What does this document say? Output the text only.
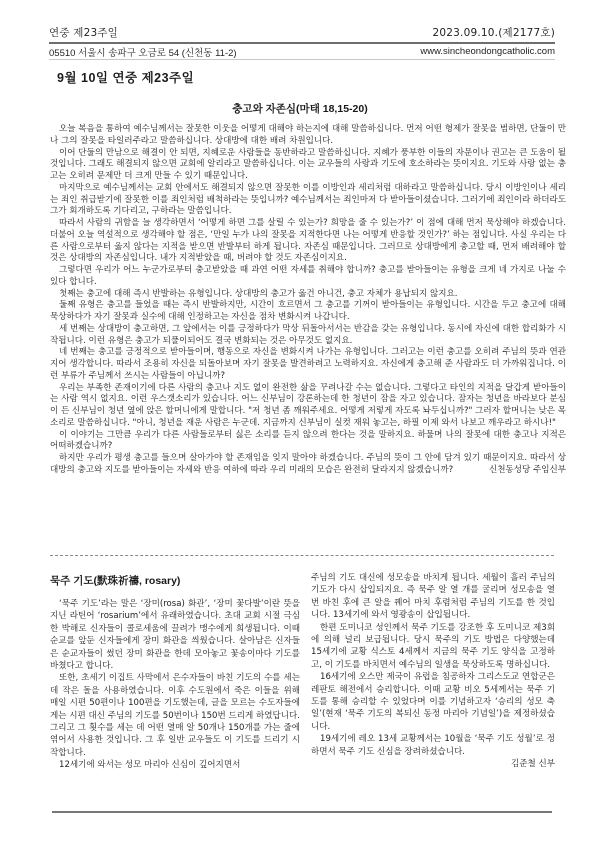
연중 제23주일	2023.09.10.(제2177호)
05510 서울시 송파구 오금로 54 (신천동 11-2)	www.sincheondongcatholic.com
9월 10일 연중 제23주일
충고와 자존심(마태 18,15-20)

오늘 복음을 통하여 예수님께서는 잘못한 이웃을 어떻게 대해야 하는지에 대해 말씀하십니다. 먼저 어떤 형제가 잘못을 범하면, 단둘이 만나 그의 잘못을 타일러주라고 말씀하십니다. 상대방에 대한 배려 차원입니다.

이어 단둘의 만남으로 해결이 안 되면, 지혜로운 사람들을 동반하라고 말씀하십니다. 지혜가 풍부한 이들의 자문이나 권고는 큰 도움이 될 것입니다. 그래도 해결되지 않으면 교회에 알리라고 말씀하십니다. 이는 교우들의 사랑과 기도에 호소하라는 뜻이지요. 기도와 사랑 없는 충고는 오히려 문제만 더 크게 만들 수 있기 때문입니다.

마지막으로 예수님께서는 교회 안에서도 해결되지 않으면 잘못한 이를 이방인과 세리처럼 대하라고 말씀하십니다. 당시 이방인이나 세리는 죄인 취급받기에 잘못한 이를 죄인처럼 배척하라는 뜻입니까? 예수님께서는 죄인마저 다 받아들이셨습니다. 그러기에 죄인이라 하더라도 그가 회개하도록 기다리고, 구하라는 말씀입니다.

따라서 사람의 귀함을 늘 생각하면서 ‘어떻게 하면 그를 살릴 수 있는가? 희망을 줄 수 있는가?’ 이 점에 대해 먼저 묵상해야 하겠습니다. 더불어 오늘 역설적으로 생각해야 할 점은, ‘만일 누가 나의 잘못을 지적한다면 나는 어떻게 반응할 것인가?’ 하는 점입니다. 사실 우리는 다른 사람으로부터 옳지 않다는 지적을 받으면 반발부터 하게 됩니다. 자존심 때문입니다. 그러므로 상대방에게 충고할 때, 먼저 배려해야 할 것은 상대방의 자존심입니다. 내가 지적받았을 때, 버려야 할 것도 자존심이지요.

그렇다면 우리가 어느 누군가로부터 충고받았을 때 과연 어떤 자세를 취해야 합니까? 충고를 받아들이는 유형을 크게 네 가지로 나눌 수 있다 합니다.

첫째는 충고에 대해 즉시 반발하는 유형입니다. 상대방의 충고가 옳건 아니건, 충고 자체가 용납되지 않지요.

둘째 유형은 충고를 들었을 때는 즉시 반발하지만, 시간이 흐르면서 그 충고를 기꺼이 받아들이는 유형입니다. 시간을 두고 충고에 대해 묵상하다가 자기 잘못과 실수에 대해 인정하고는 자신을 점차 변화시켜 나갑니다.

세 번째는 상대방이 충고하면, 그 앞에서는 이를 긍정하다가 막상 뒤돌아서서는 반감을 갖는 유형입니다. 동시에 자신에 대한 합리화가 시작됩니다. 이런 유형은 충고가 되풀이되어도 결국 변화되는 것은 아무것도 없지요.

네 번째는 충고를 긍정적으로 받아들이며, 행동으로 자신을 변화시켜 나가는 유형입니다. 그러고는 이런 충고를 오히려 주님의 뜻과 연관 지어 생각합니다. 따라서 조용히 자신을 되돌아보며 자기 잘못을 발견하려고 노력하지요. 자신에게 충고해 준 사람과도 더 가까워집니다. 이런 부류가 주님께서 쓰시는 사람들이 아닙니까?

우리는 부족한 존재이기에 다른 사람의 충고나 지도 없이 완전한 삶을 꾸려나갈 수는 없습니다. 그렇다고 타인의 지적을 달갑게 받아들이는 사람 역시 없지요. 이런 우스갯소리가 있습니다. 어느 신부님이 강론하는데 한 청년이 잠을 자고 있습니다. 잠자는 청년을 바라보다 분심이 든 신부님이 청년 옆에 앉은 할머니에게 말합니다. "저 청년 좀 깨워주세요. 어떻게 저렇게 자도록 놔두십니까?" 그러자 할머니는 낮은 목소리로 말씀하십니다. "아니, 청년을 재운 사람은 누군데. 지금까지 신부님이 실컷 재워 놓고는, 하필 이제 와서 나보고 깨우라고 하시나!"

이 이야기는 그만큼 우리가 다른 사람들로부터 싫은 소리를 듣지 않으려 한다는 것을 말하지요. 하물며 나의 잘못에 대한 충고나 지적은 어떠하겠습니까?

하지만 우리가 평생 충고를 들으며 살아가야 할 존재임을 잊지 말아야 하겠습니다. 주님의 뜻이 그 안에 담겨 있기 때문이지요. 따라서 상대방의 충고와 지도를 받아들이는 자세와 반응 여하에 따라 우리 미래의 모습은 완전히 달라지지 않겠습니까?	신천동성당 주임신부

묵주 기도(默珠祈禱, rosary)

‘묵주 기도’라는 말은 ‘장미(rosa) 화관’, ‘장미 꽃다발’이란 뜻을 지닌 라틴어 ‘rosarium’에서 유래하였습니다. 초대 교회 시절 극심한 박해로 신자들이 콜로세움에 끌려가 맹수에게 희생됩니다. 이때 순교를 앞둔 신자들에게 장미 화관을 씌웠습니다. 살아남은 신자들은 순교자들이 썼던 장미 화관을 한데 모아놓고 꽃송이마다 기도를 바쳤다고 합니다.

또한, 초세기 이집트 사막에서 은수자들이 바친 기도의 수를 세는 데 작은 돌을 사용하였습니다. 이후 수도원에서 죽은 이들을 위해 매일 시편 50편이나 100편을 기도했는데, 글을 모르는 수도자들에게는 시편 대신 주님의 기도를 50번이나 150번 드리게 하였답니다. 그리고 그 횟수를 세는 데 어떤 열매 알 50개나 150개를 가는 줄에 엮어서 사용한 것입니다. 그 후 일반 교우들도 이 기도를 드리기 시작합니다.

12세기에 와서는 성모 마리아 신심이 깊어지면서

주님의 기도 대신에 성모송을 바치게 됩니다. 세월이 흘러 주님의 기도가 다시 삽입되지요. 즉 묵주 알 열 개를 굴리며 성모송을 열 번 바친 후에 큰 알을 꿰어 마치 후렴처럼 주님의 기도를 한 것입니다. 13세기에 와서 영광송이 삽입됩니다.

한편 도미니코 성인께서 묵주 기도를 강조한 후 도미니코 제3회에 의해 널리 보급됩니다. 당시 묵주의 기도 방법은 다양했는데 15세기에 교황 식스토 4세께서 지금의 묵주 기도 양식을 고정하고, 이 기도를 바치면서 예수님의 일생을 묵상하도록 명하십니다.

16세기에 오스만 제국이 유럽을 침공하자 그리스도교 연합군은 레판토 해전에서 승리합니다. 이때 교황 비오 5세께서는 묵주 기도를 통해 승리할 수 있었다며 이를 기념하고자 ‘승리의 성모 축일’(현재 ‘묵주 기도의 복되신 동정 마리아 기념일’)을 제정하셨습니다.

19세기에 레오 13세 교황께서는 10월을 ‘묵주 기도 성월’로 정하면서 묵주 기도 신심을 장려하셨습니다.

김준철 신부
